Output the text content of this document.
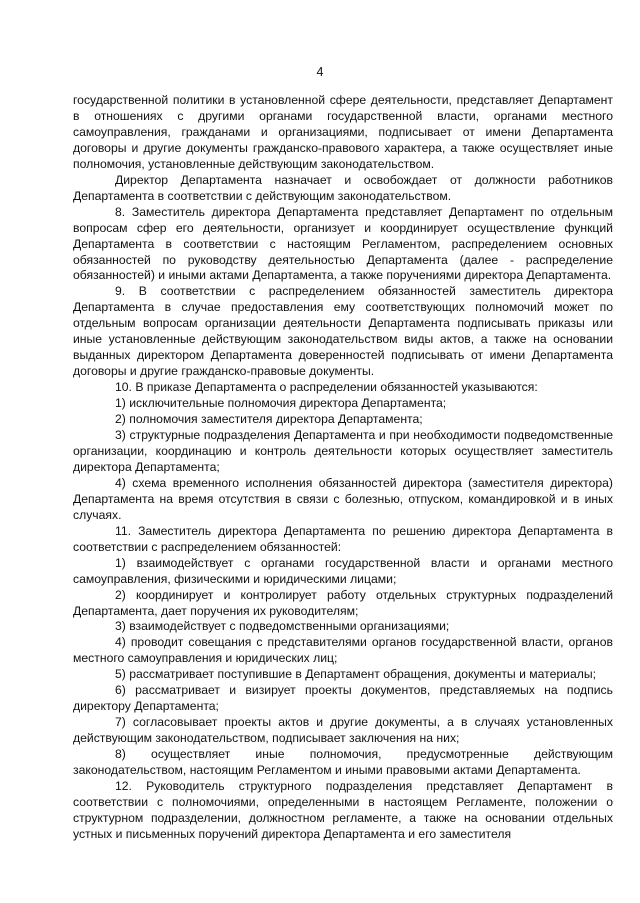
4

государственной политики в установленной сфере деятельности, представляет Департамент в отношениях с другими органами государственной власти, органами местного самоуправления, гражданами и организациями, подписывает от имени Департамента договоры и другие документы гражданско-правового характера, а также осуществляет иные полномочия, установленные действующим законодательством.

Директор Департамента назначает и освобождает от должности работников Департамента в соответствии с действующим законодательством.

8. Заместитель директора Департамента представляет Департамент по отдельным вопросам сфер его деятельности, организует и координирует осуществление функций Департамента в соответствии с настоящим Регламентом, распределением основных обязанностей по руководству деятельностью Департамента (далее - распределение обязанностей) и иными актами Департамента, а также поручениями директора Департамента.

9. В соответствии с распределением обязанностей заместитель директора Департамента в случае предоставления ему соответствующих полномочий может по отдельным вопросам организации деятельности Департамента подписывать приказы или иные установленные действующим законодательством виды актов, а также на основании выданных директором Департамента доверенностей подписывать от имени Департамента договоры и другие гражданско-правовые документы.

10. В приказе Департамента о распределении обязанностей указываются:

1) исключительные полномочия директора Департамента;

2) полномочия заместителя директора Департамента;

3) структурные подразделения Департамента и при необходимости подведомственные организации, координацию и контроль деятельности которых осуществляет заместитель директора Департамента;

4) схема временного исполнения обязанностей директора (заместителя директора) Департамента на время отсутствия в связи с болезнью, отпуском, командировкой и в иных случаях.

11. Заместитель директора Департамента по решению директора Департамента в соответствии с распределением обязанностей:

1) взаимодействует с органами государственной власти и органами местного самоуправления, физическими и юридическими лицами;

2) координирует и контролирует работу отдельных структурных подразделений Департамента, дает поручения их руководителям;

3) взаимодействует с подведомственными организациями;

4) проводит совещания с представителями органов государственной власти, органов местного самоуправления и юридических лиц;

5) рассматривает поступившие в Департамент обращения, документы и материалы;

6) рассматривает и визирует проекты документов, представляемых на подпись директору Департамента;

7) согласовывает проекты актов и другие документы, а в случаях установленных действующим законодательством, подписывает заключения на них;

8) осуществляет иные полномочия, предусмотренные действующим законодательством, настоящим Регламентом и иными правовыми актами Департамента.

12. Руководитель структурного подразделения представляет Департамент в соответствии с полномочиями, определенными в настоящем Регламенте, положении о структурном подразделении, должностном регламенте, а также на основании отдельных устных и письменных поручений директора Департамента и его заместителя
